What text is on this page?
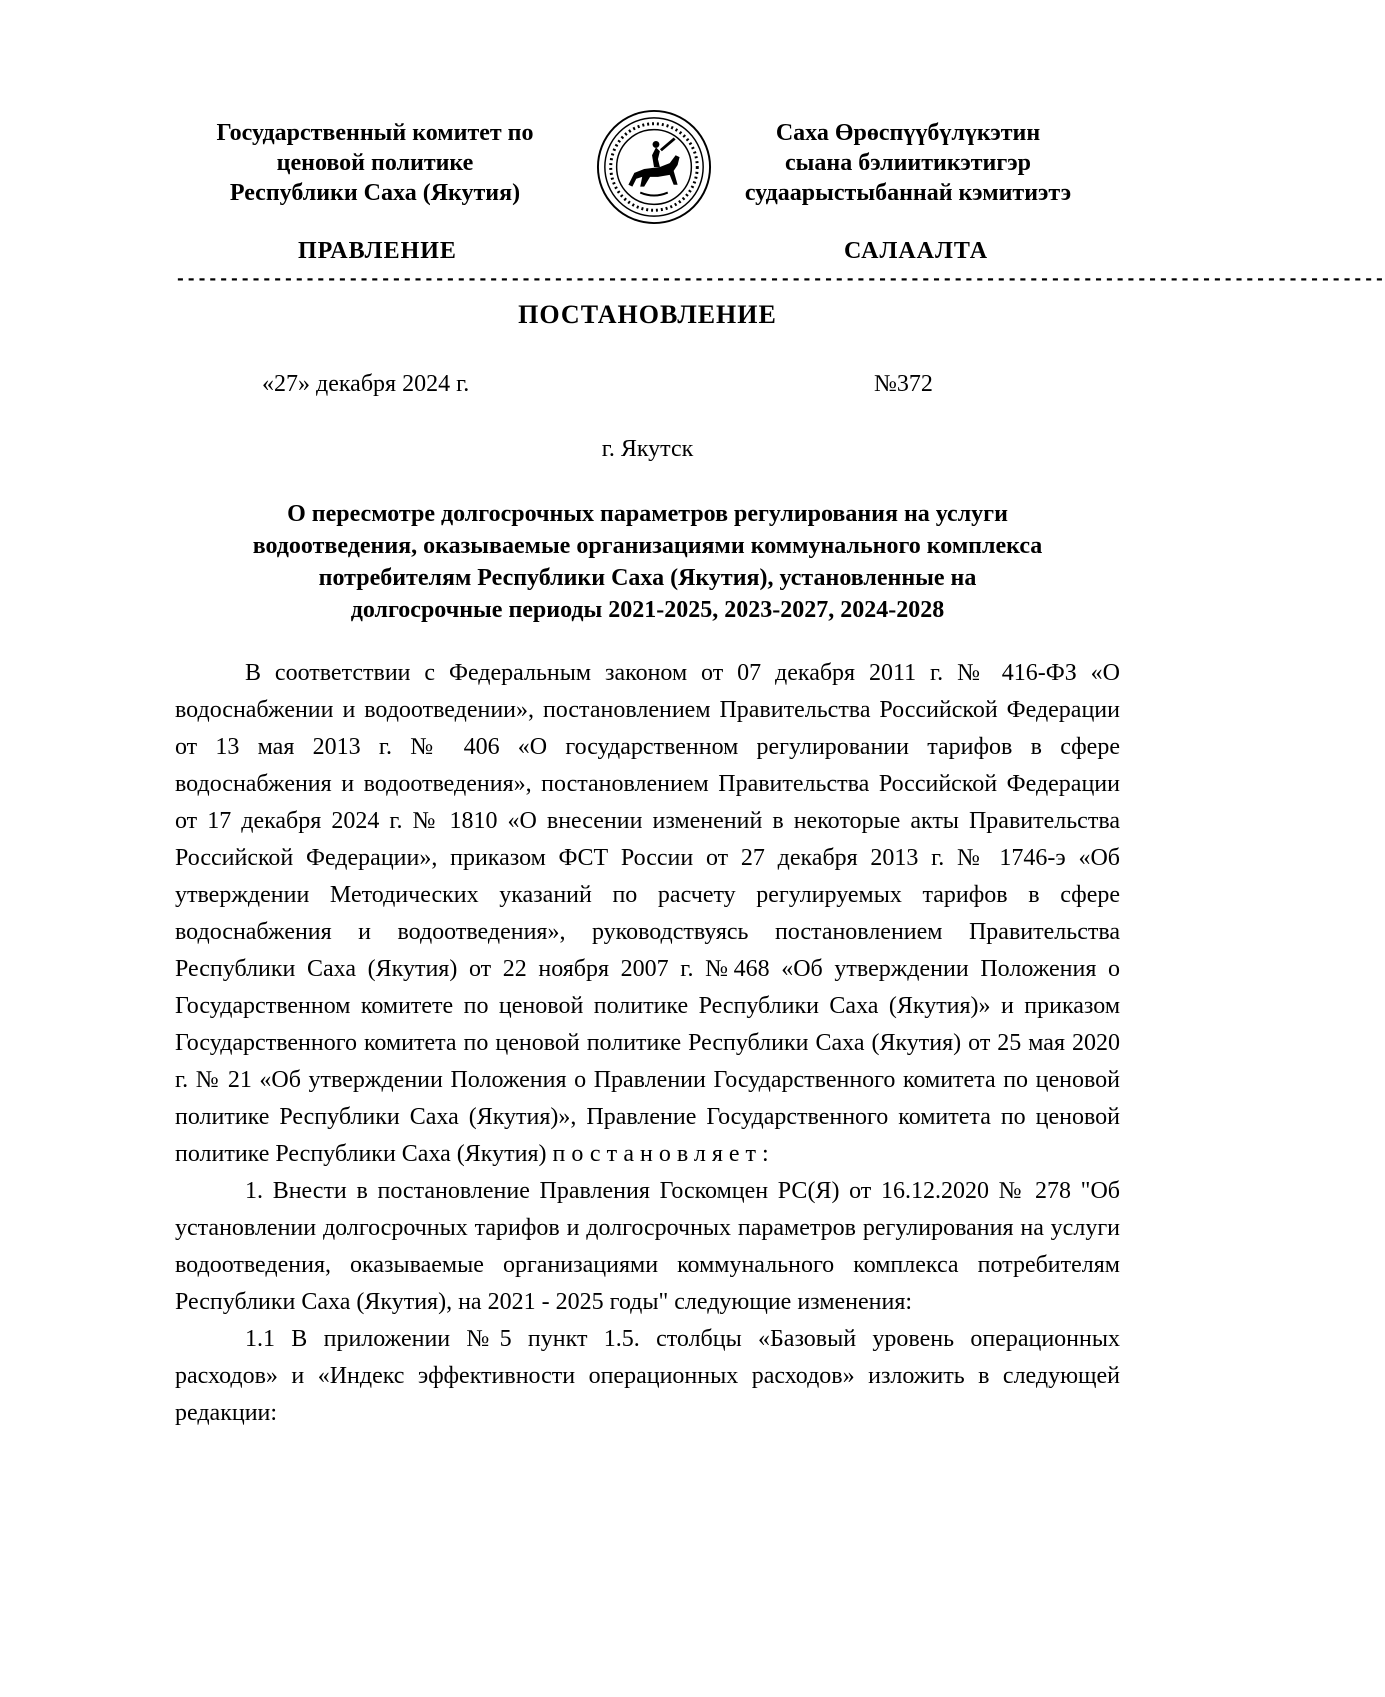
Государственный комитет по
ценовой политике
Республики Саха (Якутия)
Саха Өрөспүүбүлүкэтин
сыана бэлиитикэтигэр
судаарыстыбаннай кэмитиэтэ
ПРАВЛЕНИЕ	САЛААЛТА
----------------------------------------------------------------------------------------------------------------
ПОСТАНОВЛЕНИЕ
«27» декабря 2024 г.	№372
г. Якутск
О пересмотре долгосрочных параметров регулирования на услуги
водоотведения, оказываемые организациями коммунального комплекса
потребителям Республики Саха (Якутия), установленные на
долгосрочные периоды 2021-2025, 2023-2027, 2024-2028

В соответствии с Федеральным законом от 07 декабря 2011 г. № 416-ФЗ «О водоснабжении и водоотведении», постановлением Правительства Российской Федерации от 13 мая 2013 г. № 406 «О государственном регулировании тарифов в сфере водоснабжения и водоотведения», постановлением Правительства Российской Федерации от 17 декабря 2024 г. № 1810 «О внесении изменений в некоторые акты Правительства Российской Федерации», приказом ФСТ России от 27 декабря 2013 г. № 1746-э «Об утверждении Методических указаний по расчету регулируемых тарифов в сфере водоснабжения и водоотведения», руководствуясь постановлением Правительства Республики Саха (Якутия) от 22 ноября 2007 г. №468 «Об утверждении Положения о Государственном комитете по ценовой политике Республики Саха (Якутия)» и приказом Государственного комитета по ценовой политике Республики Саха (Якутия) от 25 мая 2020 г. № 21 «Об утверждении Положения о Правлении Государственного комитета по ценовой политике Республики Саха (Якутия)», Правление Государственного комитета по ценовой политике Республики Саха (Якутия) постановляет:

1. Внести в постановление Правления Госкомцен РС(Я) от 16.12.2020 № 278 "Об установлении долгосрочных тарифов и долгосрочных параметров регулирования на услуги водоотведения, оказываемые организациями коммунального комплекса потребителям Республики Саха (Якутия), на 2021 - 2025 годы" следующие изменения:

1.1 В приложении №5 пункт 1.5. столбцы «Базовый уровень операционных расходов» и «Индекс эффективности операционных расходов» изложить в следующей редакции:
